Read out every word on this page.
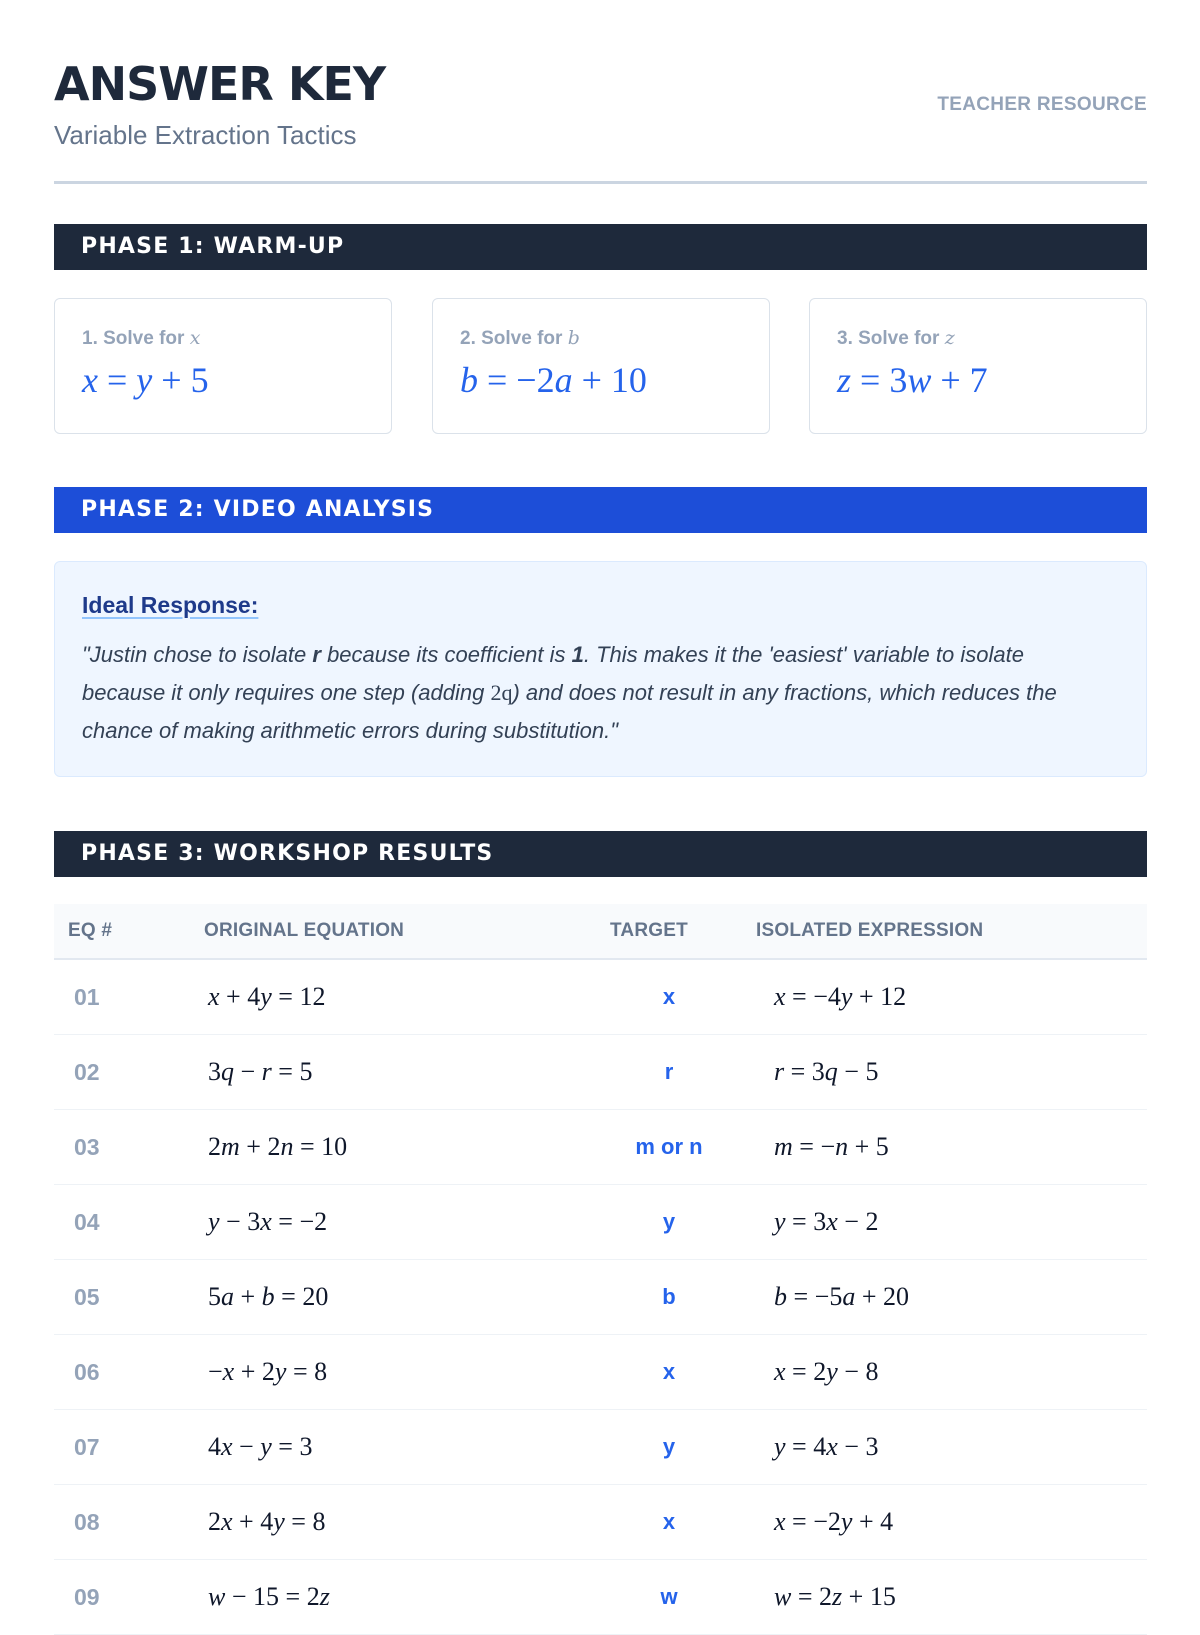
ANSWER KEY
Variable Extraction Tactics
TEACHER RESOURCE
PHASE 1: WARM-UP
1. Solve for x
x = y + 5
2. Solve for b
b = −2a + 10
3. Solve for z
z = 3w + 7
PHASE 2: VIDEO ANALYSIS
Ideal Response:
"Justin chose to isolate r because its coefficient is 1. This makes it the 'easiest' variable to isolate because it only requires one step (adding 2q) and does not result in any fractions, which reduces the chance of making arithmetic errors during substitution."
PHASE 3: WORKSHOP RESULTS
EQ #	ORIGINAL EQUATION	TARGET	ISOLATED EXPRESSION
01	x + 4y = 12	x	x = −4y + 12
02	3q − r = 5	r	r = 3q − 5
03	2m + 2n = 10	m or n	m = −n + 5
04	y − 3x = −2	y	y = 3x − 2
05	5a + b = 20	b	b = −5a + 20
06	−x + 2y = 8	x	x = 2y − 8
07	4x − y = 3	y	y = 4x − 3
08	2x + 4y = 8	x	x = −2y + 4
09	w − 15 = 2z	w	w = 2z + 15
